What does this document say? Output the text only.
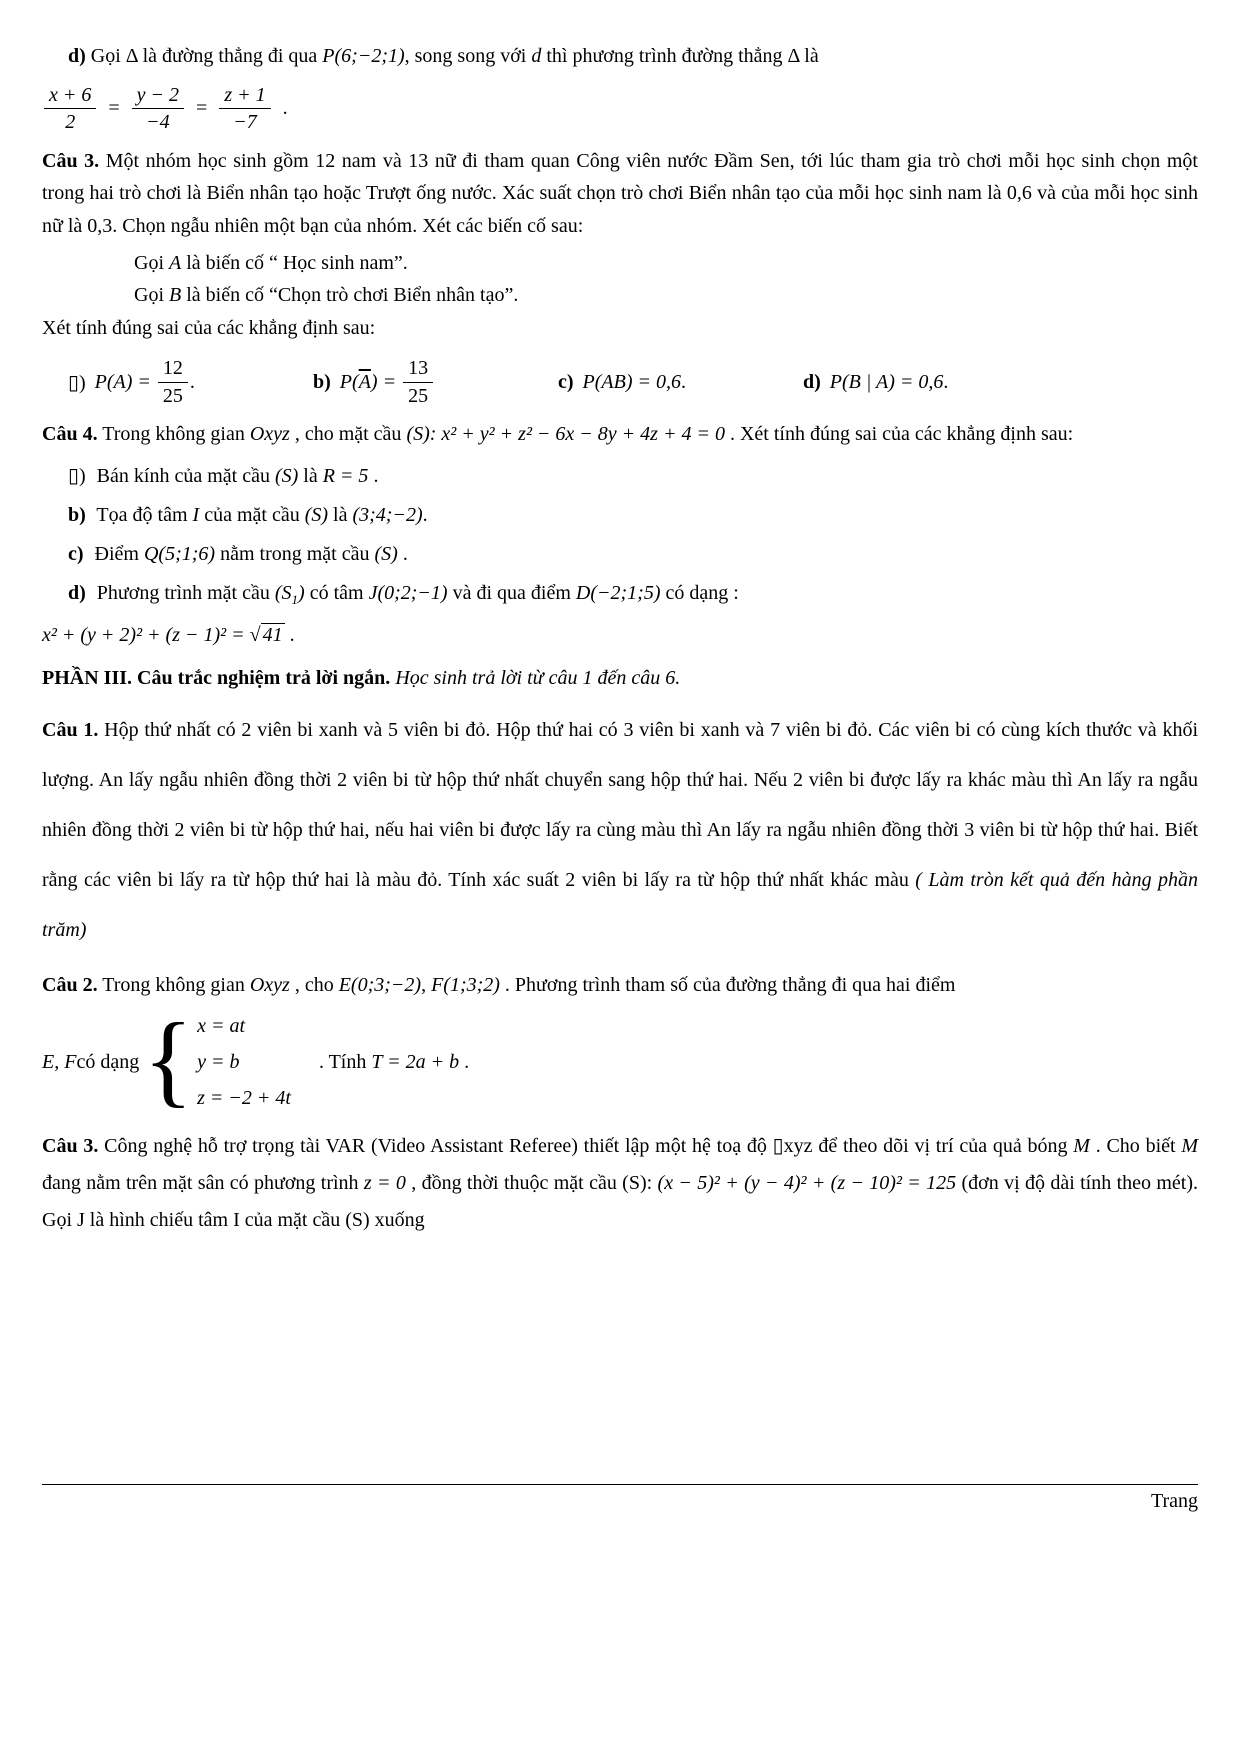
d) Gọi Δ là đường thẳng đi qua P(6;−2;1), song song với d thì phương trình đường thẳng Δ là

$\frac{x + 6}{2} = \frac{y - 2}{-4} = \frac{z + 1}{-7}$ .

Câu 3. Một nhóm học sinh gồm 12 nam và 13 nữ đi tham quan Công viên nước Đầm Sen, tới lúc tham gia trò chơi mỗi học sinh chọn một trong hai trò chơi là Biển nhân tạo hoặc Trượt ống nước. Xác suất chọn trò chơi Biển nhân tạo của mỗi học sinh nam là 0,6 và của mỗi học sinh nữ là 0,3. Chọn ngẫu nhiên một bạn của nhóm. Xét các biến cố sau:

Gọi A là biến cố “ Học sinh nam”.

Gọi B là biến cố “Chọn trò chơi Biển nhân tạo”.

Xét tính đúng sai của các khẳng định sau:

▯) P(A) =
$\frac{12}{25}$ .	b) P( $\overline{A}$ ) =
$\frac{13}{25}$	c) P(AB) = 0,6 .	d) P(B | A) = 0,6 .

Câu 4. Trong không gian Oxyz , cho mặt cầu (S): x² + y² + z² − 6x − 8y + 4z + 4 = 0 . Xét tính đúng sai của các khẳng định sau:

▯) Bán kính của mặt cầu (S) là R = 5 .

b) Tọa độ tâm I của mặt cầu (S) là (3;4;−2).

c) Điểm Q(5;1;6) nằm trong mặt cầu (S) .

d) Phương trình mặt cầu $(S_1)$ có tâm J(0;2;−1) và đi qua điểm D(−2;1;5) có dạng :

x² + (y + 2)² + (z − 1)² = √ 41 .

PHẦN III. Câu trắc nghiệm trả lời ngắn. Học sinh trả lời từ câu 1 đến câu 6.

Câu 1. Hộp thứ nhất có 2 viên bi xanh và 5 viên bi đỏ. Hộp thứ hai có 3 viên bi xanh và 7 viên bi đỏ. Các viên bi có cùng kích thước và khối lượng. An lấy ngẫu nhiên đồng thời 2 viên bi từ hộp thứ nhất chuyển sang hộp thứ hai. Nếu 2 viên bi được lấy ra khác màu thì An lấy ra ngẫu nhiên đồng thời 2 viên bi từ hộp thứ hai, nếu hai viên bi được lấy ra cùng màu thì An lấy ra ngẫu nhiên đồng thời 3 viên bi từ hộp thứ hai. Biết rằng các viên bi lấy ra từ hộp thứ hai là màu đỏ. Tính xác suất 2 viên bi lấy ra từ hộp thứ nhất khác màu ( Làm tròn kết quả đến hàng phần trăm)

Câu 2. Trong không gian Oxyz , cho E(0;3;−2), F(1;3;2) . Phương trình tham số của đường thẳng đi qua hai điểm

E, F có dạng { x = at
y = b
z = −2 + 4t
. Tính T = 2a + b .

Câu 3. Công nghệ hỗ trợ trọng tài VAR (Video Assistant Referee) thiết lập một hệ toạ độ ▯xyz để theo dõi vị trí của quả bóng M . Cho biết M đang nằm trên mặt sân có phương trình z = 0 , đồng thời thuộc mặt cầu (S): (x − 5)² + (y − 4)² + (z − 10)² = 125 (đơn vị độ dài tính theo mét). Gọi J là hình chiếu tâm I của mặt cầu (S) xuống

Trang
